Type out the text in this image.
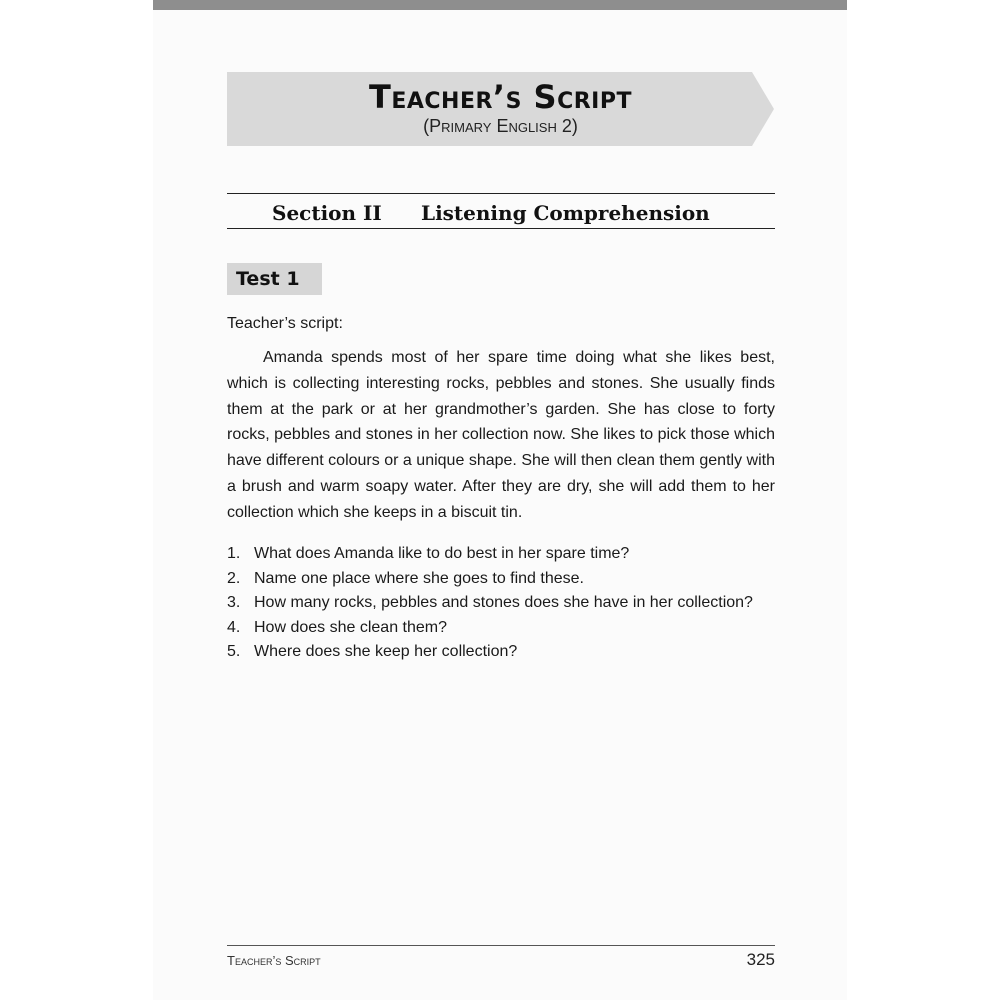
Teacher’s Script
(Primary English 2)
Section II Listening Comprehension
Test 1
Teacher’s script:

Amanda spends most of her spare time doing what she likes best, which is collecting interesting rocks, pebbles and stones. She usually finds them at the park or at her grandmother’s garden. She has close to forty rocks, pebbles and stones in her collection now. She likes to pick those which have different colours or a unique shape. She will then clean them gently with a brush and warm soapy water. After they are dry, she will add them to her collection which she keeps in a biscuit tin.

1. What does Amanda like to do best in her spare time?
2. Name one place where she goes to find these.
3. How many rocks, pebbles and stones does she have in her collection?
4. How does she clean them?
5. Where does she keep her collection?
Teacher’s Script	325
